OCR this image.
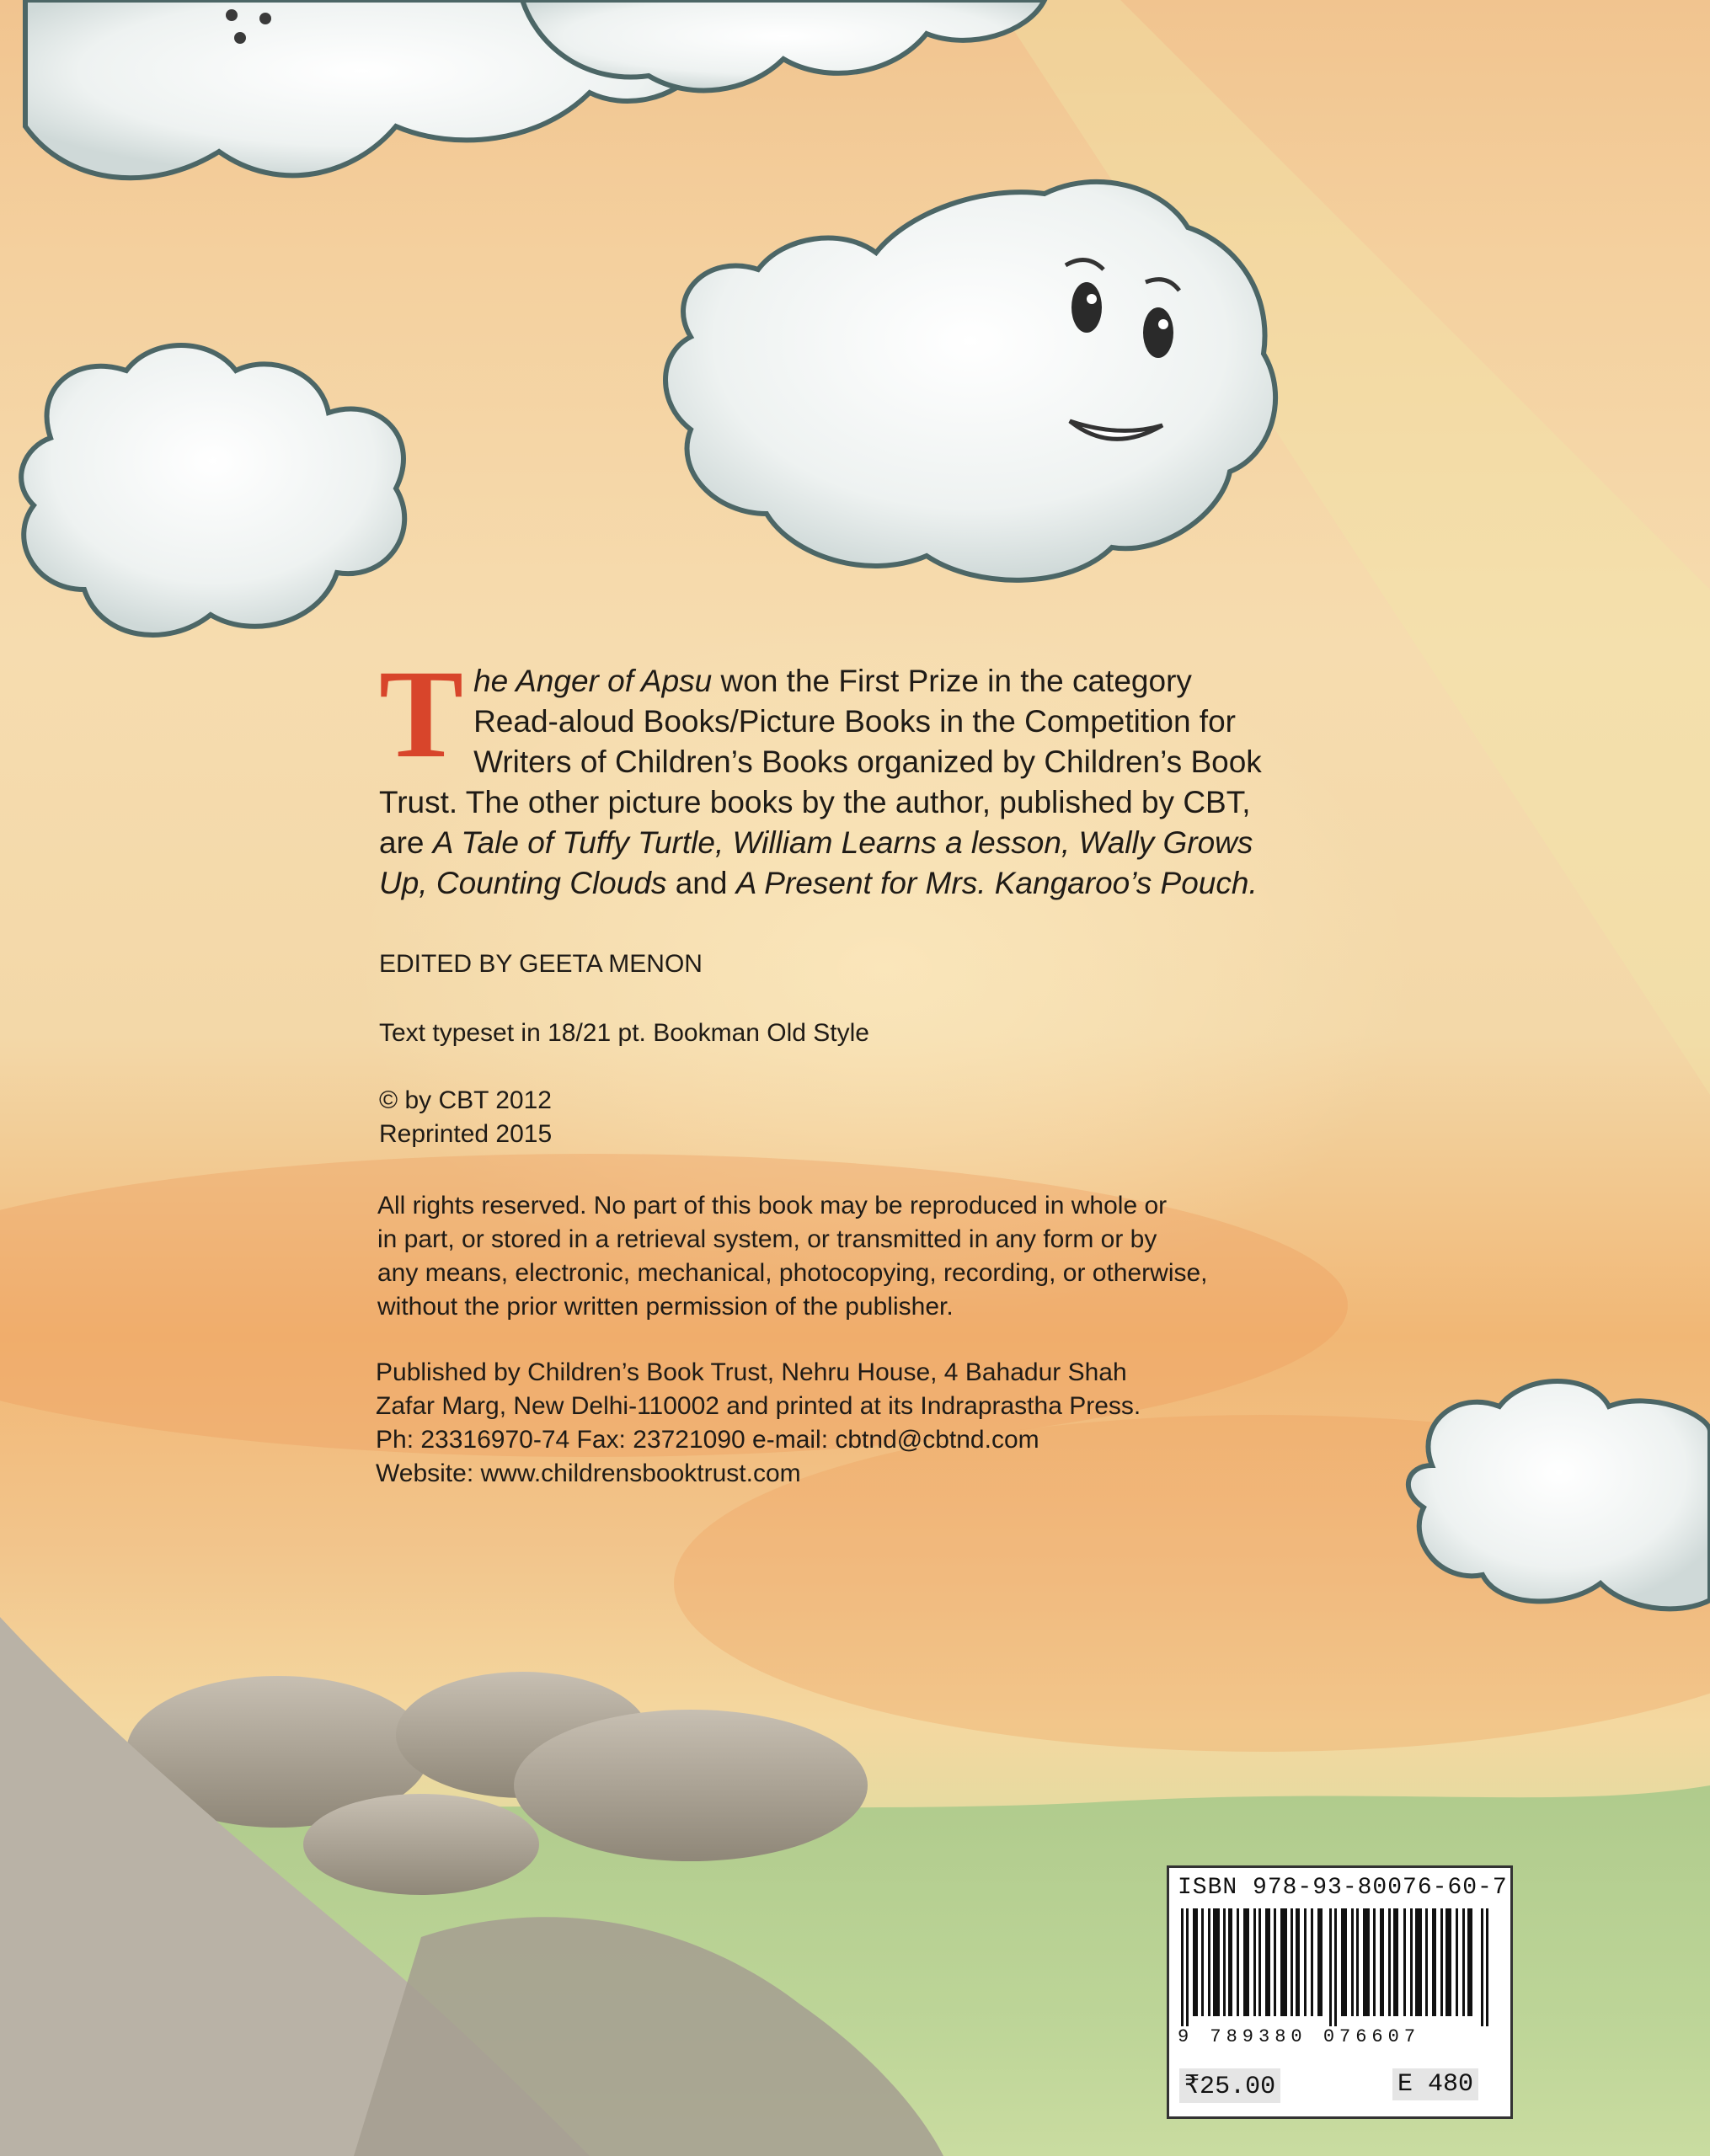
T he Anger of Apsu won the First Prize in the category
Read-aloud Books/Picture Books in the Competition for
Writers of Children’s Books organized by Children’s Book
Trust. The other picture books by the author, published by CBT,
are A Tale of Tuffy Turtle, William Learns a lesson, Wally Grows
Up, Counting Clouds and A Present for Mrs. Kangaroo’s Pouch.
EDITED BY GEETA MENON
Text typeset in 18/21 pt. Bookman Old Style
© by CBT 2012
Reprinted 2015
All rights reserved. No part of this book may be reproduced in whole or
in part, or stored in a retrieval system, or transmitted in any form or by
any means, electronic, mechanical, photocopying, recording, or otherwise,
without the prior written permission of the publisher.
Published by Children’s Book Trust, Nehru House, 4 Bahadur Shah
Zafar Marg, New Delhi-110002 and printed at its Indraprastha Press.
Ph: 23316970-74 Fax: 23721090 e-mail: cbtnd@cbtnd.com
Website: www.childrensbooktrust.com
ISBN 978-93-80076-60-7
9 789380 076607
₹25.00	E 480
